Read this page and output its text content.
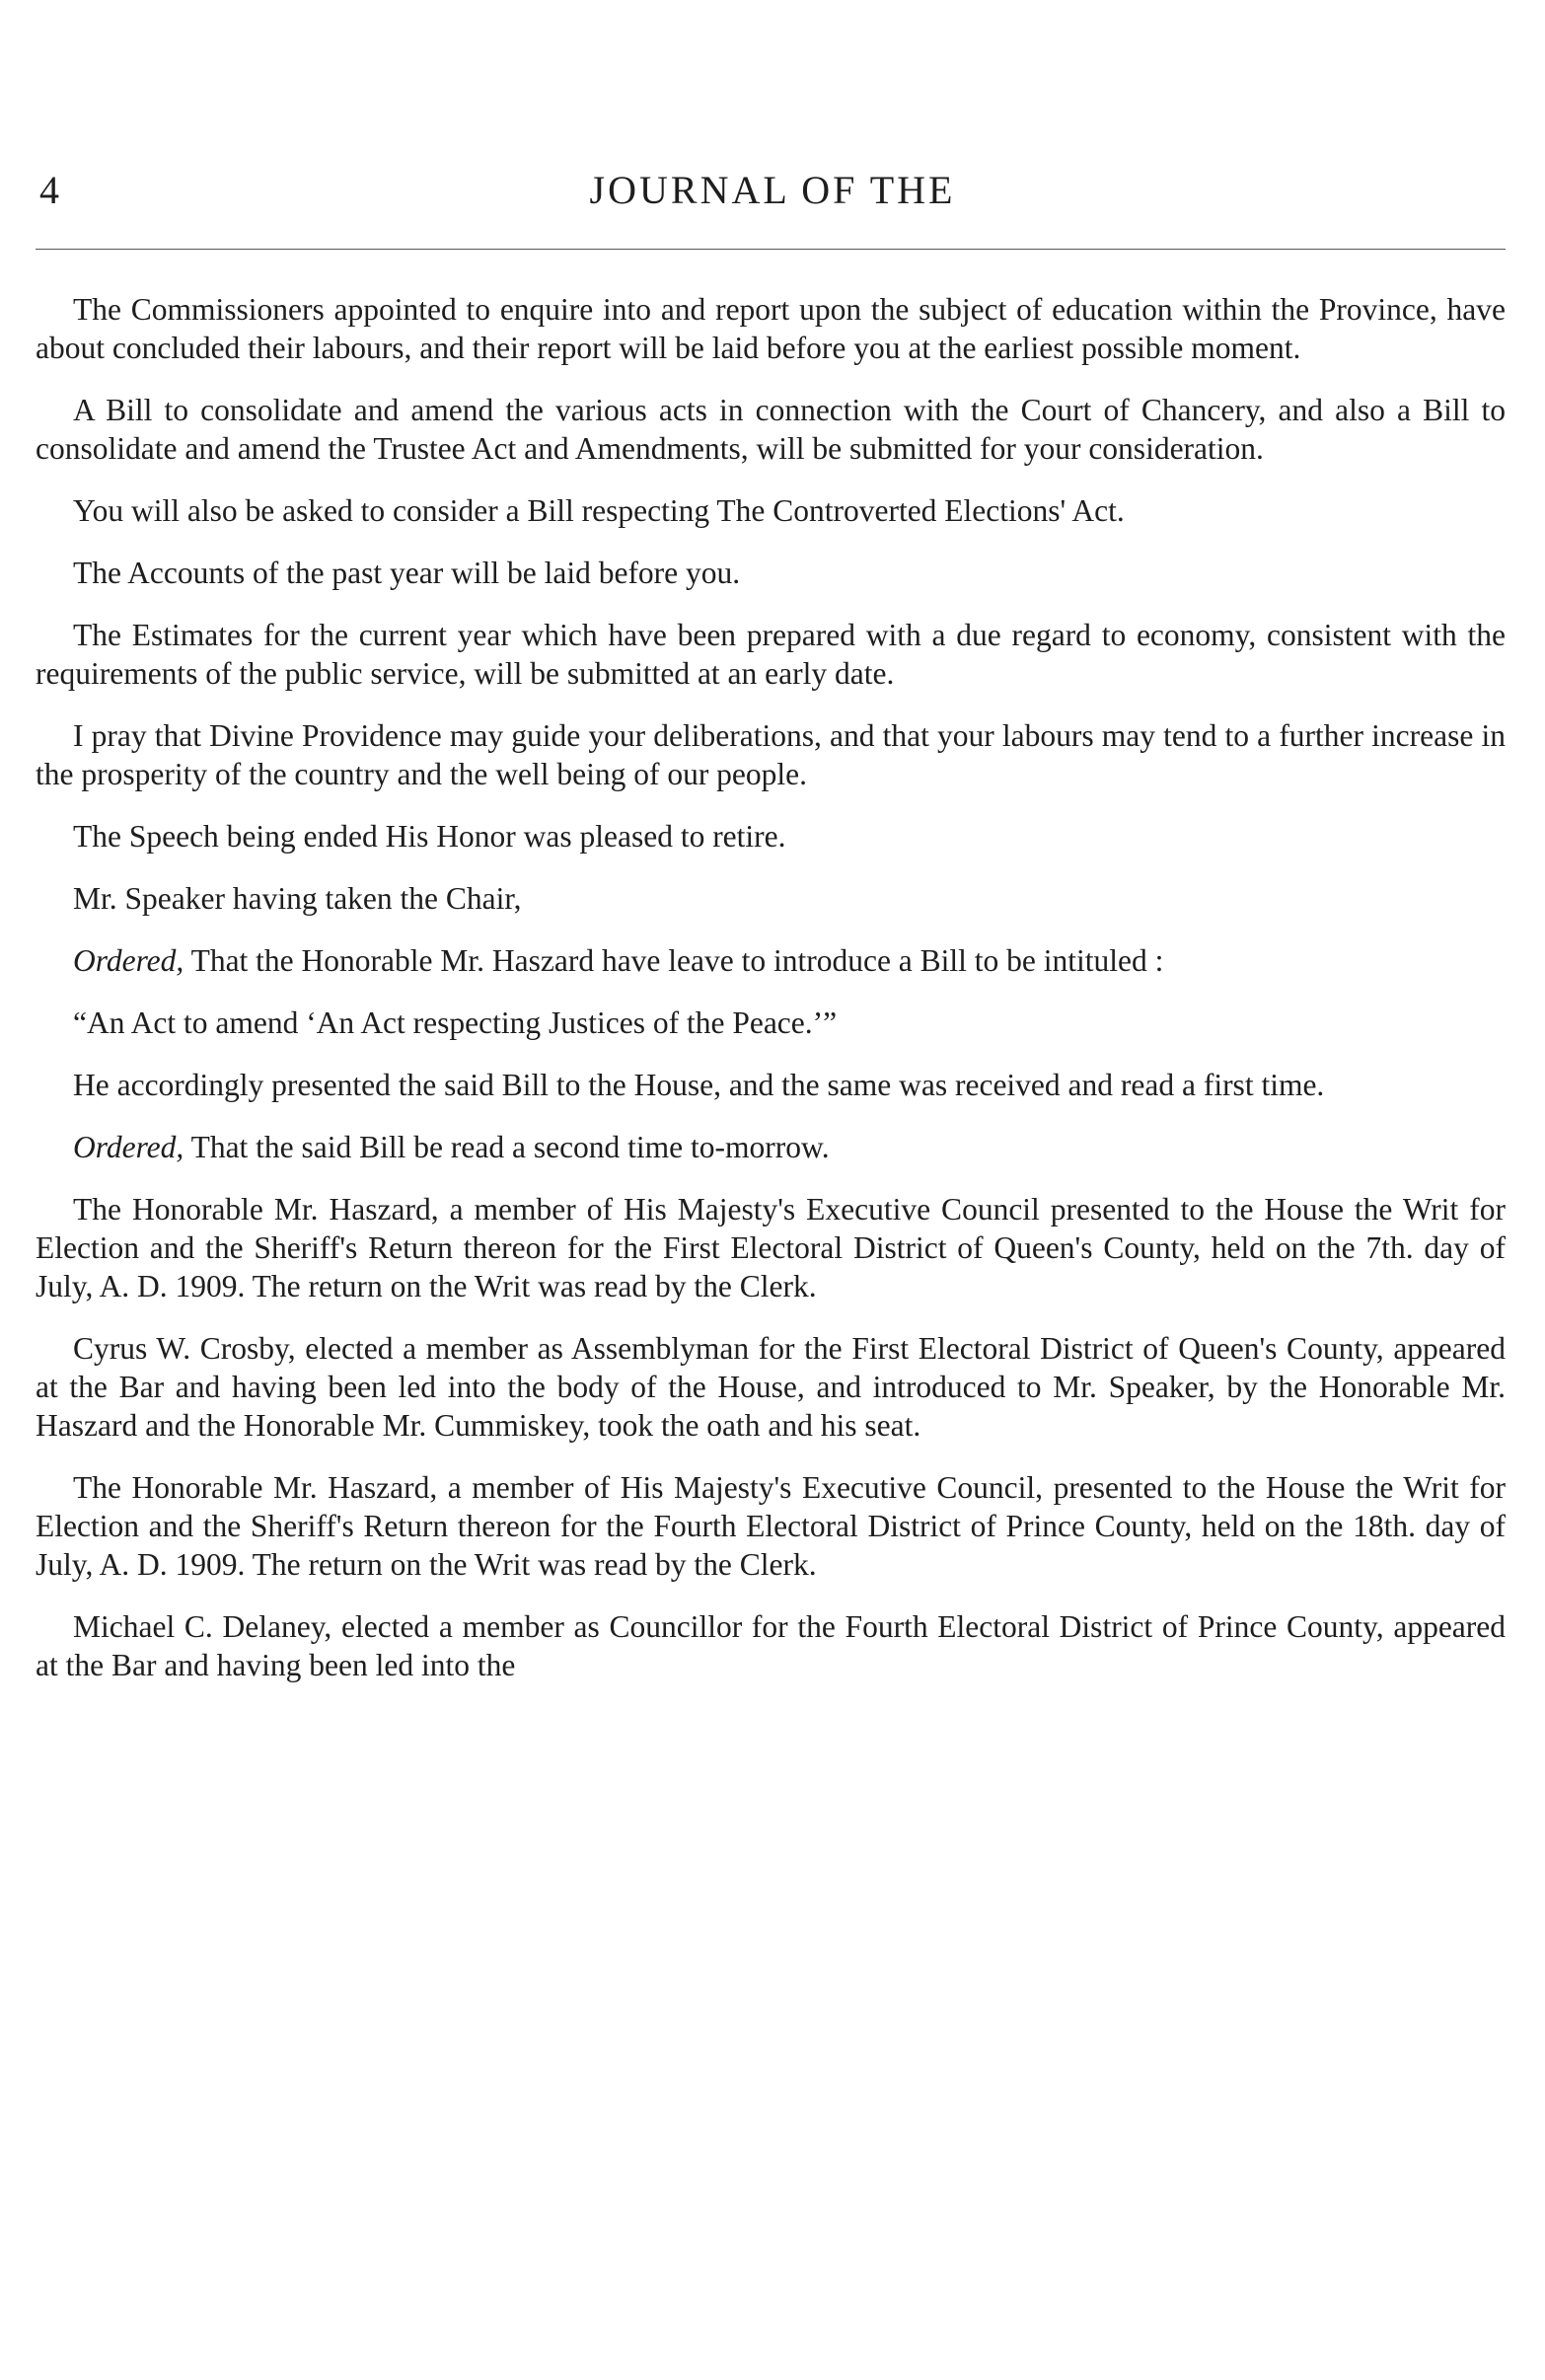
4	JOURNAL OF THE

The Commissioners appointed to enquire into and report upon the subject of education within the Province, have about concluded their labours, and their report will be laid before you at the earliest possible moment.

A Bill to consolidate and amend the various acts in connection with the Court of Chancery, and also a Bill to consolidate and amend the Trustee Act and Amendments, will be submitted for your consideration.

You will also be asked to consider a Bill respecting The Controverted Elections' Act.

The Accounts of the past year will be laid before you.

The Estimates for the current year which have been prepared with a due regard to economy, consistent with the requirements of the public service, will be submitted at an early date.

I pray that Divine Providence may guide your deliberations, and that your labours may tend to a further increase in the prosperity of the country and the well being of our people.

The Speech being ended His Honor was pleased to retire.

Mr. Speaker having taken the Chair,

Ordered, That the Honorable Mr. Haszard have leave to introduce a Bill to be intituled :

“An Act to amend ‘An Act respecting Justices of the Peace.’”

He accordingly presented the said Bill to the House, and the same was received and read a first time.

Ordered, That the said Bill be read a second time to-morrow.

The Honorable Mr. Haszard, a member of His Majesty's Executive Council presented to the House the Writ for Election and the Sheriff's Return thereon for the First Electoral District of Queen's County, held on the 7th. day of July, A. D. 1909. The return on the Writ was read by the Clerk.

Cyrus W. Crosby, elected a member as Assemblyman for the First Electoral District of Queen's County, appeared at the Bar and having been led into the body of the House, and introduced to Mr. Speaker, by the Honorable Mr. Haszard and the Honorable Mr. Cummiskey, took the oath and his seat.

The Honorable Mr. Haszard, a member of His Majesty's Executive Council, presented to the House the Writ for Election and the Sheriff's Return thereon for the Fourth Electoral District of Prince County, held on the 18th. day of July, A. D. 1909. The return on the Writ was read by the Clerk.

Michael C. Delaney, elected a member as Councillor for the Fourth Electoral District of Prince County, appeared at the Bar and having been led into the
